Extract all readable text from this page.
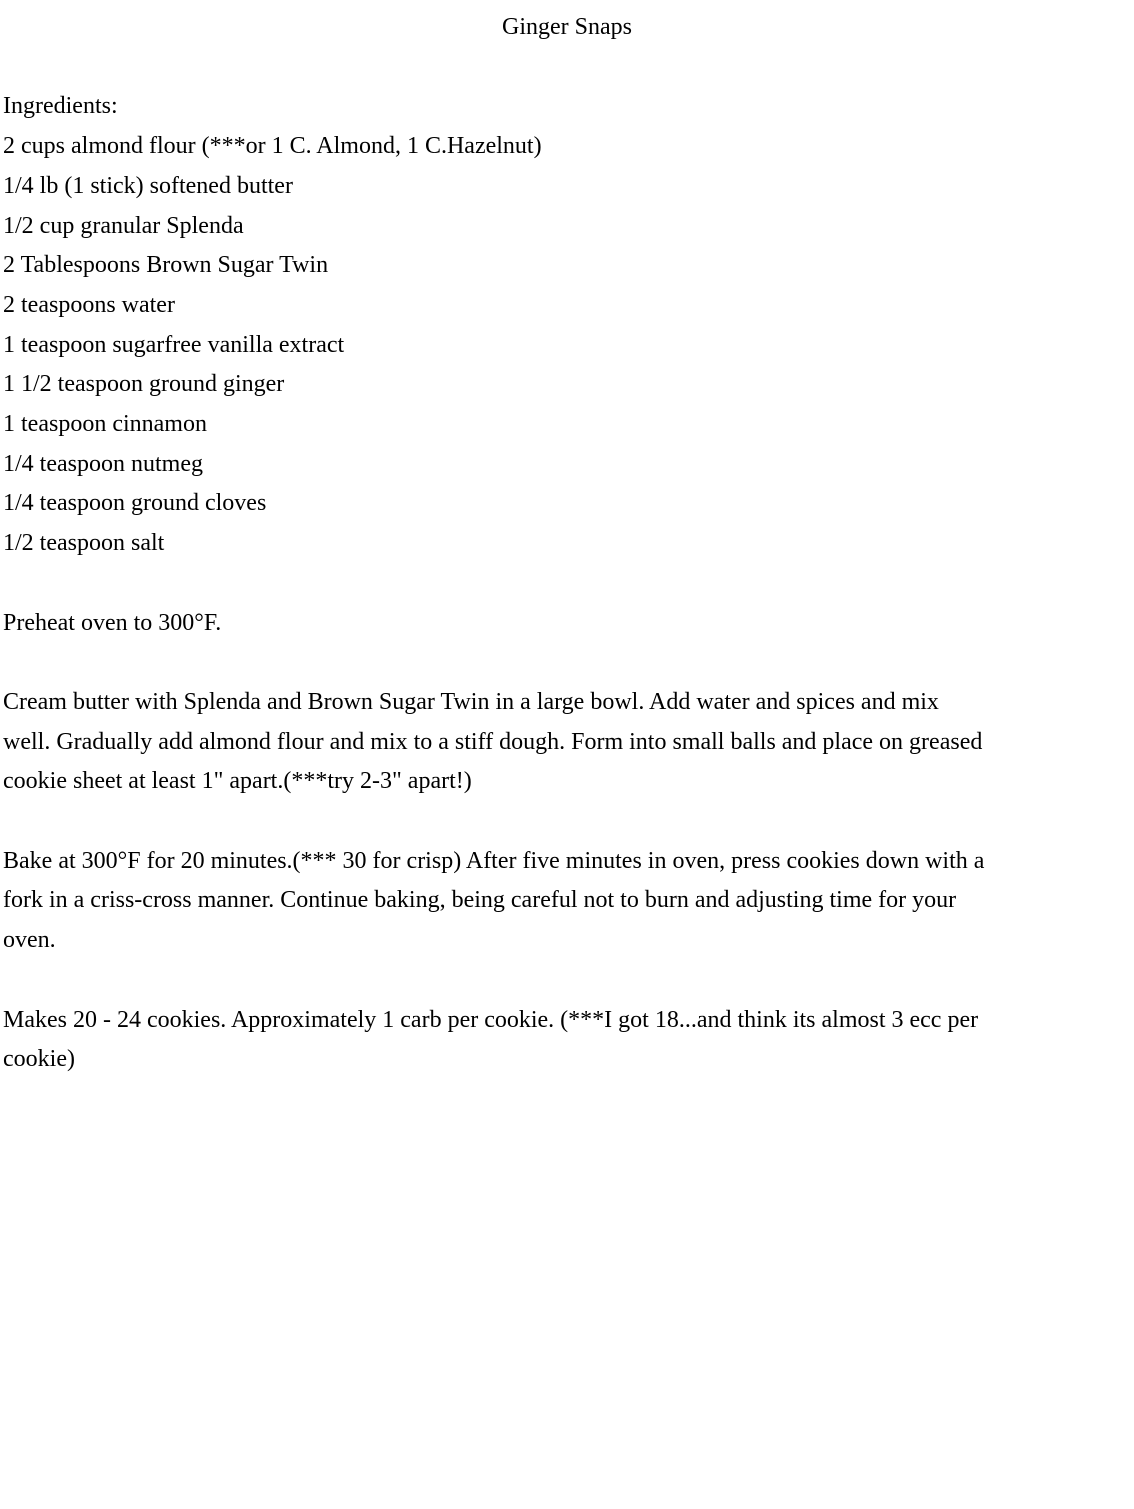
Ginger Snaps

Ingredients:

2 cups almond flour (***or 1 C. Almond, 1 C.Hazelnut)
1/4 lb (1 stick) softened butter
1/2 cup granular Splenda
2 Tablespoons Brown Sugar Twin
2 teaspoons water
1 teaspoon sugarfree vanilla extract
1 1/2 teaspoon ground ginger
1 teaspoon cinnamon
1/4 teaspoon nutmeg
1/4 teaspoon ground cloves
1/2 teaspoon salt

Preheat oven to 300°F.

Cream butter with Splenda and Brown Sugar Twin in a large bowl. Add water and spices and mix

well. Gradually add almond flour and mix to a stiff dough. Form into small balls and place on greased

cookie sheet at least 1" apart.(***try 2-3" apart!)

Bake at 300°F for 20 minutes.(*** 30 for crisp) After five minutes in oven, press cookies down with a

fork in a criss-cross manner. Continue baking, being careful not to burn and adjusting time for your

oven.

Makes 20 - 24 cookies. Approximately 1 carb per cookie. (***I got 18...and think its almost 3 ecc per

cookie)
